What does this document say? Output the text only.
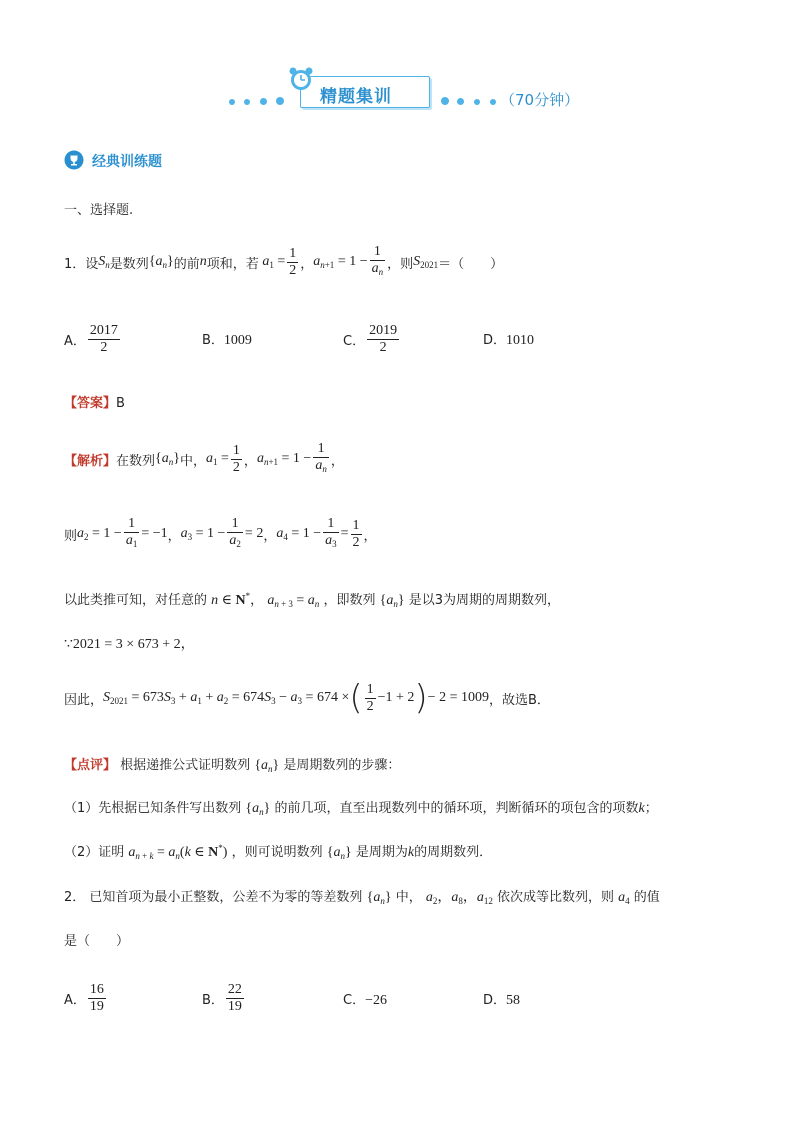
精题集训	（70分钟）
经典训练题
一、选择题.
1． 设 $S_n$ 是数列 $\{a_n\}$ 的前 n 项和，若 $a_1 = \frac{1}{2}$ ， $a_{n+1} = 1 - \frac{1}{a_n}$ ，则 $S_{2021}$ ＝（　　）
A． $\frac{2017}{2}$	B．1009	C． $\frac{2019}{2}$	D．1010
【答案】B
【解析】 在数列 $\{a_n\}$ 中， $a_1 = \frac{1}{2}$ ， $a_{n+1} = 1 - \frac{1}{a_n}$ ，
则 $a_2 = 1 - \frac{1}{a_1} = -1$ ， $a_3 = 1 - \frac{1}{a_2} = 2$ ， $a_4 = 1 - \frac{1}{a_3} = \frac{1}{2}$ ，
以此类推可知，对任意的 n ∈ N*， $a_{n + 3} = a_n$ ，即数列 $\{a_n\}$ 是以3为周期的周期数列，
∵2021 = 3 × 673 + 2，
因此， $S_{2021} = 673S_3 + a_1 + a_2 = 674S_3 - a_3 = 674$ × ( $\frac{1}{2} -1 + 2$ ) − 2 = 1009 ，故选B．
【点评】 根据递推公式证明数列 $\{a_n\}$ 是周期数列的步骤：
（1）先根据已知条件写出数列 $\{a_n\}$ 的前几项，直至出现数列中的循环项，判断循环的项包含的项数k；
（2）证明 $a_{n + k} = a_n(k$ ∈ N*) ，则可说明数列 $\{a_n\}$ 是周期为k的周期数列．
2． 已知首项为最小正整数，公差不为零的等差数列 $\{a_n\}$ 中， $a_2$，$a_8$，$a_{12}$ 依次成等比数列，则 $a_4$ 的值
是（　　）
A． $\frac{16}{19}$	B． $\frac{22}{19}$	C．−26	D．58
